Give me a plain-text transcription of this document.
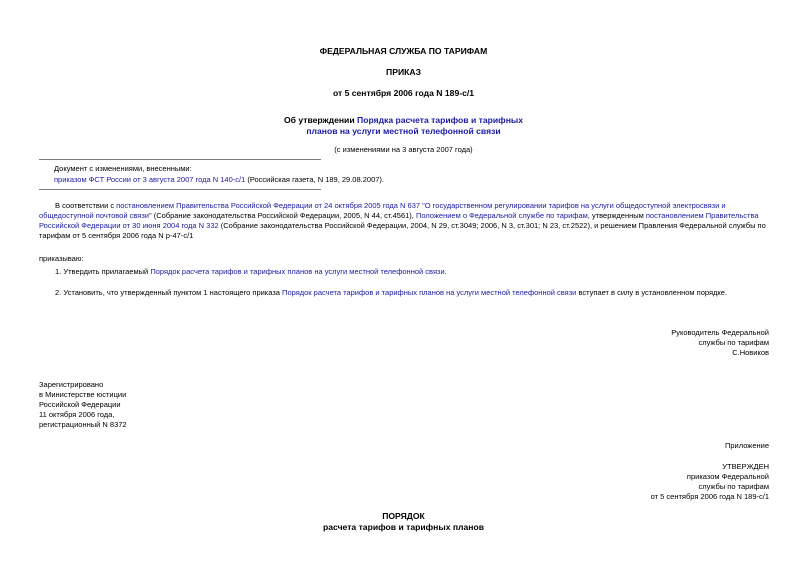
ФЕДЕРАЛЬНАЯ СЛУЖБА ПО ТАРИФАМ
ПРИКАЗ
от 5 сентября 2006 года N 189-с/1
Об утверждении Порядка расчета тарифов и тарифных
планов на услуги местной телефонной связи
(с изменениями на 3 августа 2007 года)
Документ с изменениями, внесенными:
приказом ФСТ России от 3 августа 2007 года N 140-с/1 (Российская газета, N 189, 29.08.2007).
В соответствии с постановлением Правительства Российской Федерации от 24 октября 2005 года N 637 "О государственном регулировании тарифов на услуги общедоступной электросвязи и общедоступной почтовой связи" (Собрание законодательства Российской Федерации, 2005, N 44, ст.4561), Положением о Федеральной службе по тарифам, утвержденным постановлением Правительства Российской Федерации от 30 июня 2004 года N 332 (Собрание законодательства Российской Федерации, 2004, N 29, ст.3049; 2006, N 3, ст.301; N 23, ст.2522), и решением Правления Федеральной службы по тарифам от 5 сентября 2006 года N р-47-с/1
приказываю:
1. Утвердить прилагаемый Порядок расчета тарифов и тарифных планов на услуги местной телефонной связи.
2. Установить, что утвержденный пунктом 1 настоящего приказа Порядок расчета тарифов и тарифных планов на услуги местной телефонной связи вступает в силу в установленном порядке.
Руководитель Федеральной
службы по тарифам
С.Новиков
Зарегистрировано
в Министерстве юстиции
Российской Федерации
11 октября 2006 года,
регистрационный N 8372
Приложение
УТВЕРЖДЕН
приказом Федеральной
службы по тарифам
от 5 сентября 2006 года N 189-с/1
ПОРЯДОК
расчета тарифов и тарифных планов
